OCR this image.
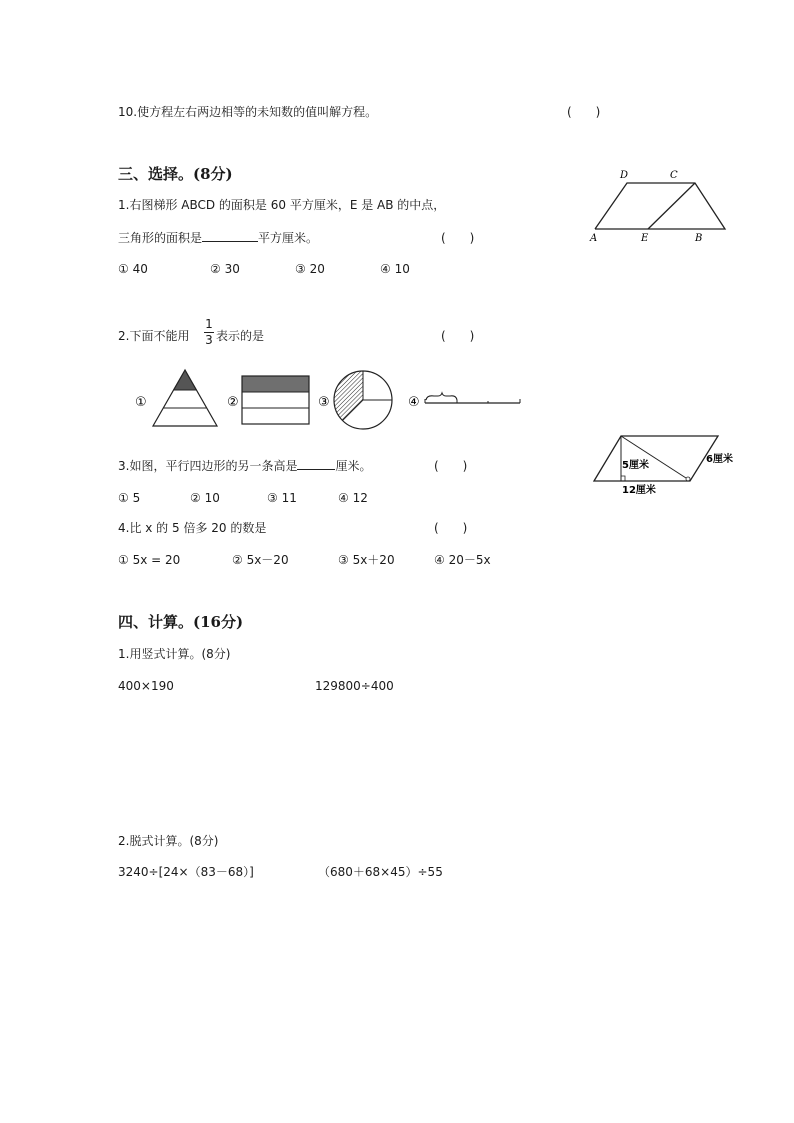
10.使方程左右两边相等的未知数的值叫解方程。	(　　)
三、选择。(8分)
1.右图梯形 ABCD 的面积是 60 平方厘米，E 是 AB 的中点，
三角形的面积是	平方厘米。	(　　)
① 40	② 30	③ 20	④ 10
D	C
A	E	B
2.下面不能用
1
3 表示的是	(　　)
①	②	③	④
3.如图，平行四边形的另一条高是	厘米。	(　　)
① 5	② 10	③ 11	④ 12
5厘米
6厘米
12厘米
4.比 x 的 5 倍多 20 的数是	(　　)
① 5x = 20	② 5x－20	③ 5x＋20	④ 20－5x
四、计算。(16分)
1.用竖式计算。(8分)
400×190	129800÷400
2.脱式计算。(8分)
3240÷[24×（83－68）]	（680＋68×45）÷55
